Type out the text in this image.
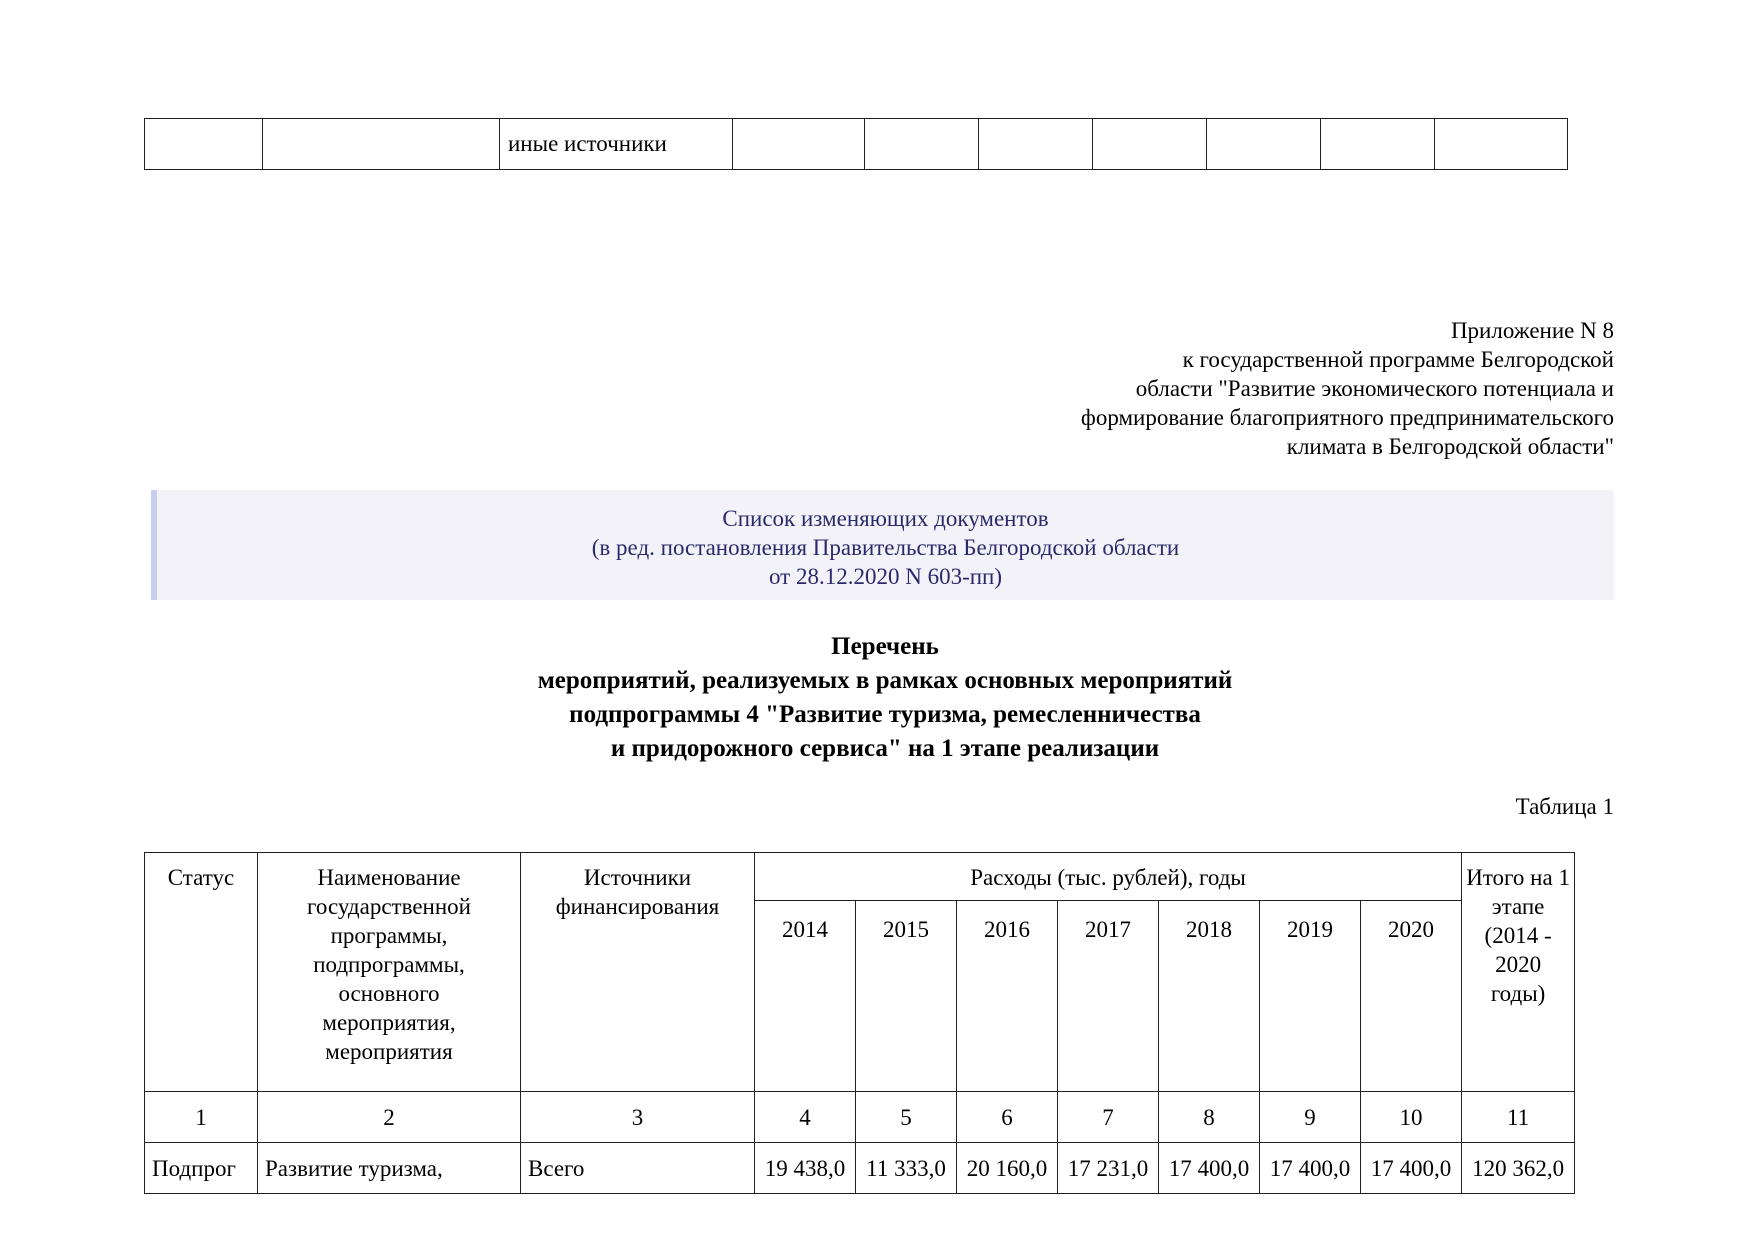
		иные источники							
Приложение N 8
к государственной программе Белгородской
области "Развитие экономического потенциала и
формирование благоприятного предпринимательского
климата в Белгородской области"
Список изменяющих документов
(в ред. постановления Правительства Белгородской области
от 28.12.2020 N 603-пп)
Перечень
мероприятий, реализуемых в рамках основных мероприятий
подпрограммы 4 "Развитие туризма, ремесленничества
и придорожного сервиса" на 1 этапе реализации
Таблица 1
Статус	Наименование государственной программы, подпрограммы, основного мероприятия, мероприятия	Источники финансирования	Расходы (тыс. рублей), годы							Итого на 1 этапе (2014 - 2020 годы)
			2014	2015	2016	2017	2018	2019	2020	
1	2	3	4	5	6	7	8	9	10	11
Подпрог	Развитие туризма,	Всего	19 438,0	11 333,0	20 160,0	17 231,0	17 400,0	17 400,0	17 400,0	120 362,0
